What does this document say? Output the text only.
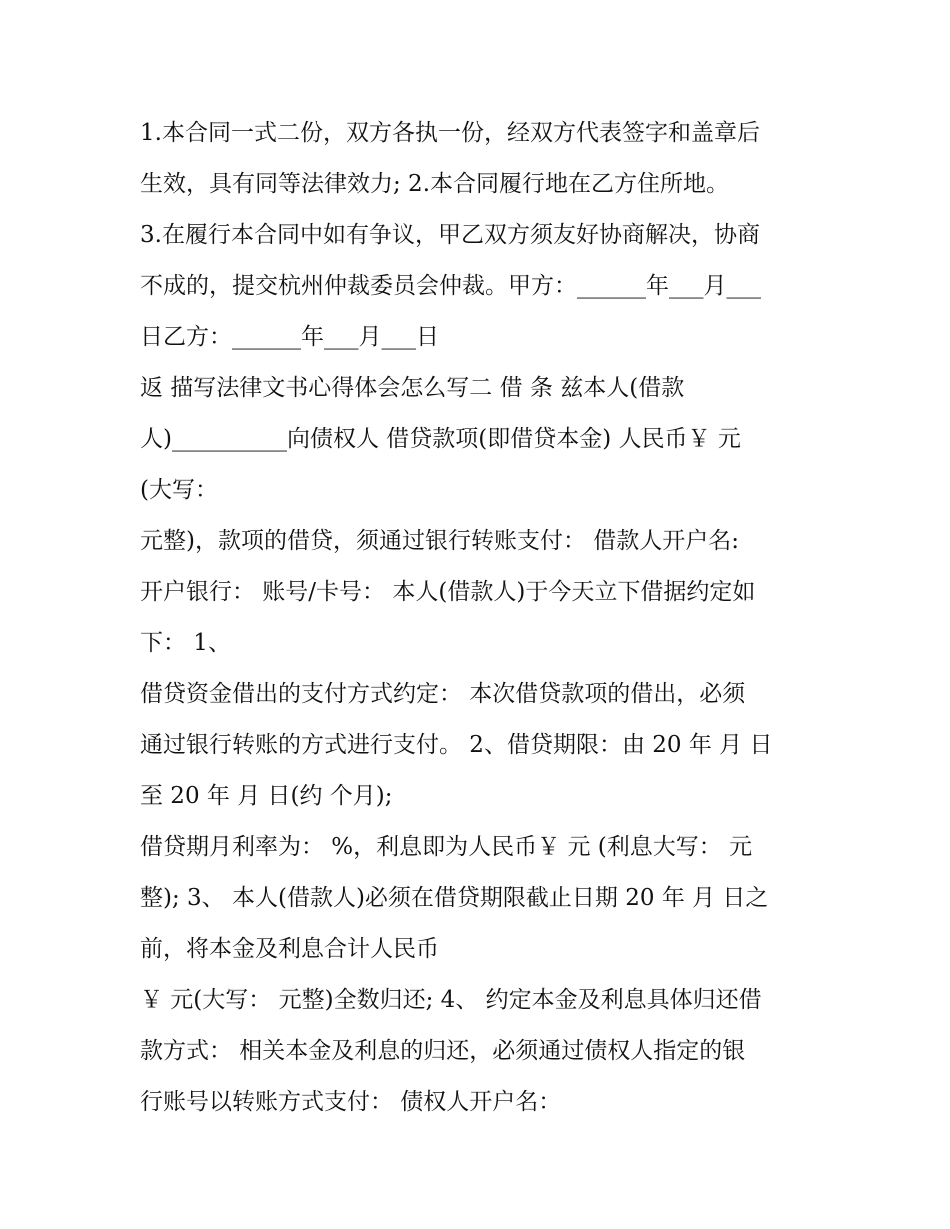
1.本合同一式二份，双方各执一份，经双方代表签字和盖章后
生效，具有同等法律效力; 2.本合同履行地在乙方住所地。
3.在履行本合同中如有争议，甲乙双方须友好协商解决，协商
不成的，提交杭州仲裁委员会仲裁。甲方：______年___月___
日乙方：______年___月___日
返 描写法律文书心得体会怎么写二 借 条 兹本人(借款
人)__________向债权人 借贷款项(即借贷本金) 人民币￥ 元
(大写：
元整)，款项的借贷，须通过银行转账支付： 借款人开户名:
开户银行： 账号/卡号： 本人(借款人)于今天立下借据约定如
下： 1、
借贷资金借出的支付方式约定： 本次借贷款项的借出，必须
通过银行转账的方式进行支付。 2、借贷期限：由 20 年 月 日
至 20 年 月 日(约 个月);
借贷期月利率为： %，利息即为人民币￥ 元 (利息大写： 元
整); 3、 本人(借款人)必须在借贷期限截止日期 20 年 月 日之
前，将本金及利息合计人民币
￥ 元(大写： 元整)全数归还; 4、 约定本金及利息具体归还借
款方式： 相关本金及利息的归还，必须通过债权人指定的银
行账号以转账方式支付： 债权人开户名：
